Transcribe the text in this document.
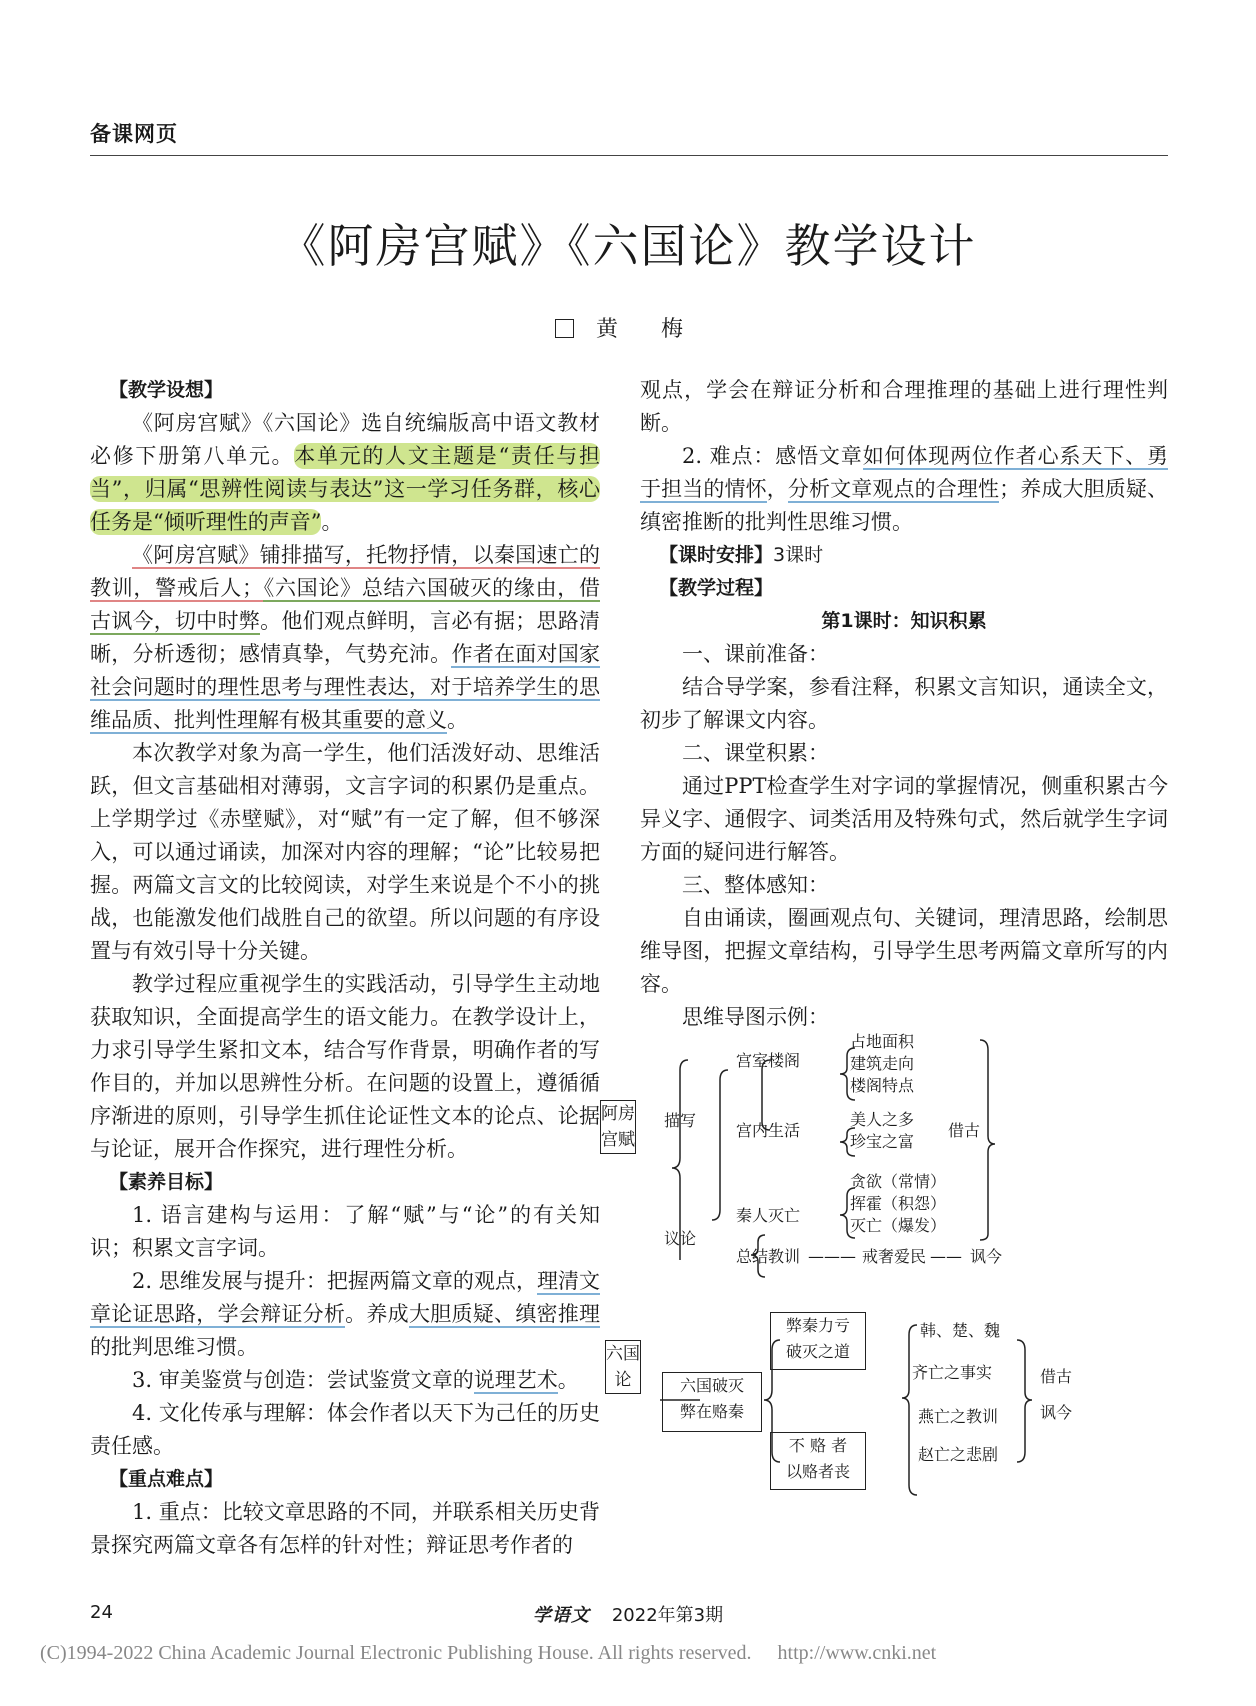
备课网页
《阿房宫赋》《六国论》教学设计
黄 梅

【教学设想】

《阿房宫赋》《六国论》选自统编版高中语文教材必修下册第八单元。本单元的人文主题是“责任与担当”，归属“思辨性阅读与表达”这一学习任务群，核心任务是“倾听理性的声音”。

《阿房宫赋》铺排描写，托物抒情，以秦国速亡的教训，警戒后人；《六国论》总结六国破灭的缘由，借古讽今，切中时弊。他们观点鲜明，言必有据；思路清晰，分析透彻；感情真挚，气势充沛。作者在面对国家社会问题时的理性思考与理性表达，对于培养学生的思维品质、批判性理解有极其重要的意义。

本次教学对象为高一学生，他们活泼好动、思维活跃，但文言基础相对薄弱，文言字词的积累仍是重点。上学期学过《赤壁赋》，对“赋”有一定了解，但不够深入，可以通过诵读，加深对内容的理解；“论”比较易把握。两篇文言文的比较阅读，对学生来说是个不小的挑战，也能激发他们战胜自己的欲望。所以问题的有序设置与有效引导十分关键。

教学过程应重视学生的实践活动，引导学生主动地获取知识，全面提高学生的语文能力。在教学设计上，力求引导学生紧扣文本，结合写作背景，明确作者的写作目的，并加以思辨性分析。在问题的设置上，遵循循序渐进的原则，引导学生抓住论证性文本的论点、论据与论证，展开合作探究，进行理性分析。

【素养目标】

1. 语言建构与运用：了解“赋”与“论”的有关知识；积累文言字词。

2. 思维发展与提升：把握两篇文章的观点，理清文章论证思路，学会辩证分析。养成大胆质疑、缜密推理的批判思维习惯。

3. 审美鉴赏与创造：尝试鉴赏文章的说理艺术。

4. 文化传承与理解：体会作者以天下为己任的历史责任感。

【重点难点】

1. 重点：比较文章思路的不同，并联系相关历史背景探究两篇文章各有怎样的针对性；辩证思考作者的

观点，学会在辩证分析和合理推理的基础上进行理性判断。

2. 难点：感悟文章如何体现两位作者心系天下、勇于担当的情怀，分析文章观点的合理性；养成大胆质疑、缜密推断的批判性思维习惯。

【课时安排】3课时

【教学过程】

第1课时：知识积累

一、课前准备：

结合导学案，参看注释，积累文言知识，通读全文，初步了解课文内容。

二、课堂积累：

通过PPT检查学生对字词的掌握情况，侧重积累古今异义字、通假字、词类活用及特殊句式，然后就学生字词方面的疑问进行解答。

三、整体感知：

自由诵读，圈画观点句、关键词，理清思路，绘制思维导图，把握文章结构，引导学生思考两篇文章所写的内容。

思维导图示例：

阿房宫赋
描写
宫室楼阁
占地面积
建筑走向
楼阁特点
宫内生活
美人之多
珍宝之富
借古
议论
秦人灭亡
贪欲（常情）
挥霍（积怨）
灭亡（爆发）
总结教训 ——— 戒奢爱民 —— 讽今
六国论	六国破灭
弊在赂秦
弊秦力亏
破灭之道
不 赂 者
以赂者丧
韩、楚、魏
齐亡之事实
燕亡之教训
赵亡之悲剧
借古
讽今
24	学语文 2022年第3期
(C)1994-2022 China Academic Journal Electronic Publishing House. All rights reserved. http://www.cnki.net
